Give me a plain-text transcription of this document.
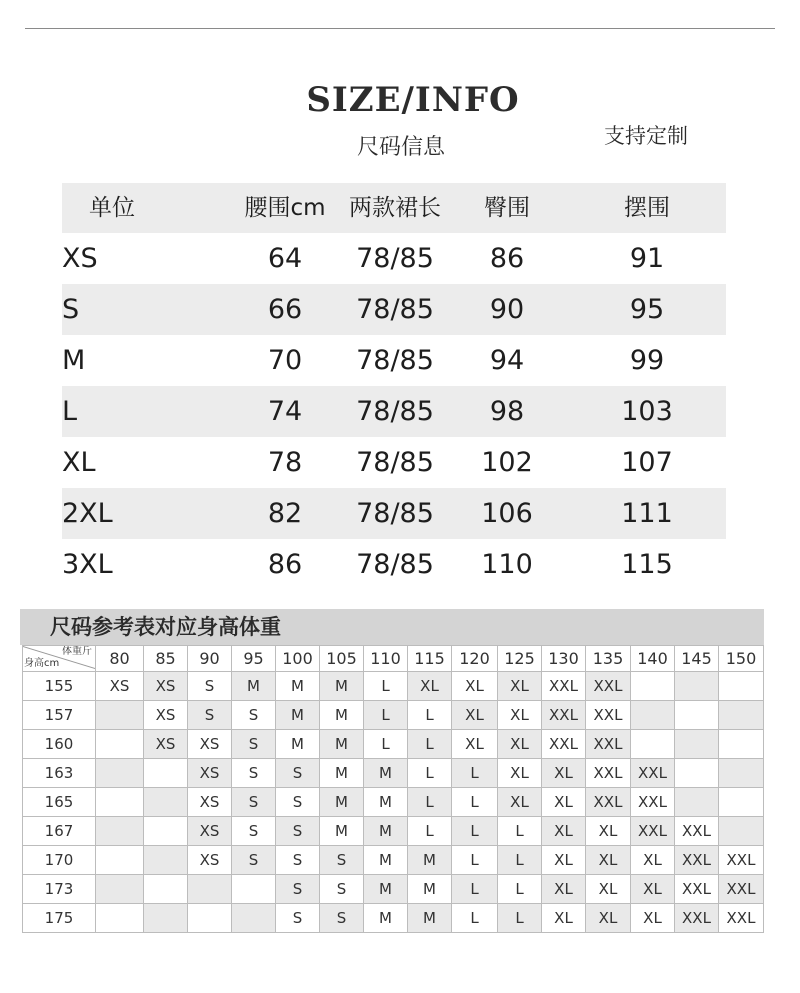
SIZE/INFO
尺码信息	支持定制
单位	腰围cm	两款裙长	臀围	摆围
XS	64	78/85	86	91
S	66	78/85	90	95
M	70	78/85	94	99
L	74	78/85	98	103
XL	78	78/85	102	107
2XL	82	78/85	106	111
3XL	86	78/85	110	115
尺码参考表对应身高体重
体重斤
身高cm	80	85	90	95	100	105	110	115	120	125	130	135	140	145	150
155	XS	XS	S	M	M	M	L	XL	XL	XL	XXL	XXL			
157		XS	S	S	M	M	L	L	XL	XL	XXL	XXL			
160		XS	XS	S	M	M	L	L	XL	XL	XXL	XXL			
163			XS	S	S	M	M	L	L	XL	XL	XXL	XXL		
165			XS	S	S	M	M	L	L	XL	XL	XXL	XXL		
167			XS	S	S	M	M	L	L	L	XL	XL	XXL	XXL	
170			XS	S	S	S	M	M	L	L	XL	XL	XL	XXL	XXL
173					S	S	M	M	L	L	XL	XL	XL	XXL	XXL
175					S	S	M	M	L	L	XL	XL	XL	XXL	XXL
